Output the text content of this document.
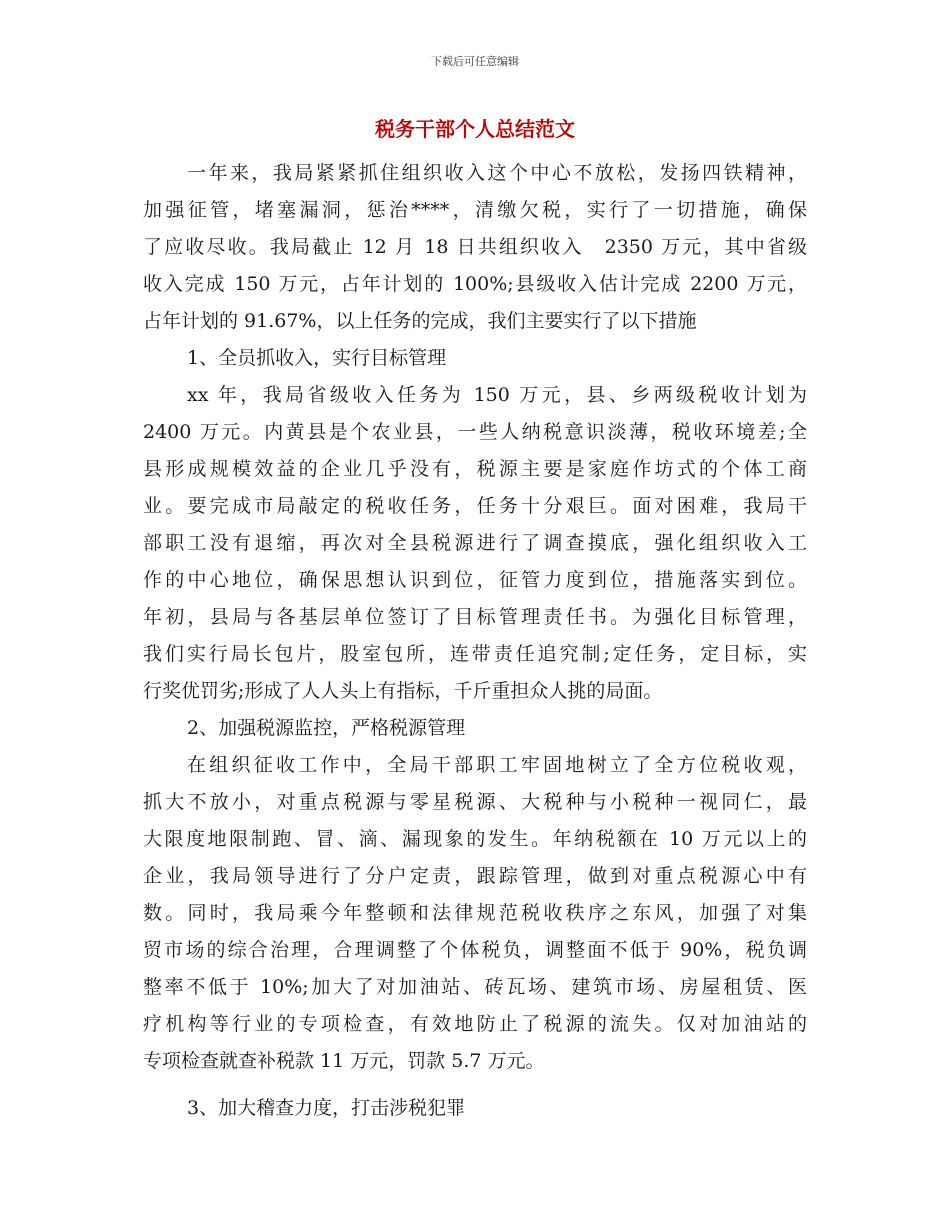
下载后可任意编辑
税务干部个人总结范文
一年来，我局紧紧抓住组织收入这个中心不放松，发扬四铁精神，
加强征管，堵塞漏洞，惩治****，清缴欠税，实行了一切措施，确保
了应收尽收。我局截止 12 月 18 日共组织收入　2350 万元，其中省级
收入完成 150 万元，占年计划的 100%;县级收入估计完成 2200 万元，
占年计划的 91.67%，以上任务的完成，我们主要实行了以下措施
1、全员抓收入，实行目标管理
xx 年，我局省级收入任务为 150 万元，县、乡两级税收计划为
2400 万元。内黄县是个农业县，一些人纳税意识淡薄，税收环境差;全
县形成规模效益的企业几乎没有，税源主要是家庭作坊式的个体工商
业。要完成市局敲定的税收任务，任务十分艰巨。面对困难，我局干
部职工没有退缩，再次对全县税源进行了调查摸底，强化组织收入工
作的中心地位，确保思想认识到位，征管力度到位，措施落实到位。
年初，县局与各基层单位签订了目标管理责任书。为强化目标管理，
我们实行局长包片，股室包所，连带责任追究制;定任务，定目标，实
行奖优罚劣;形成了人人头上有指标，千斤重担众人挑的局面。
2、加强税源监控，严格税源管理
在组织征收工作中，全局干部职工牢固地树立了全方位税收观，
抓大不放小，对重点税源与零星税源、大税种与小税种一视同仁，最
大限度地限制跑、冒、滴、漏现象的发生。年纳税额在 10 万元以上的
企业，我局领导进行了分户定责，跟踪管理，做到对重点税源心中有
数。同时，我局乘今年整顿和法律规范税收秩序之东风，加强了对集
贸市场的综合治理，合理调整了个体税负，调整面不低于 90%，税负调
整率不低于 10%;加大了对加油站、砖瓦场、建筑市场、房屋租赁、医
疗机构等行业的专项检查，有效地防止了税源的流失。仅对加油站的
专项检查就查补税款 11 万元，罚款 5.7 万元。
3、加大稽查力度，打击涉税犯罪
